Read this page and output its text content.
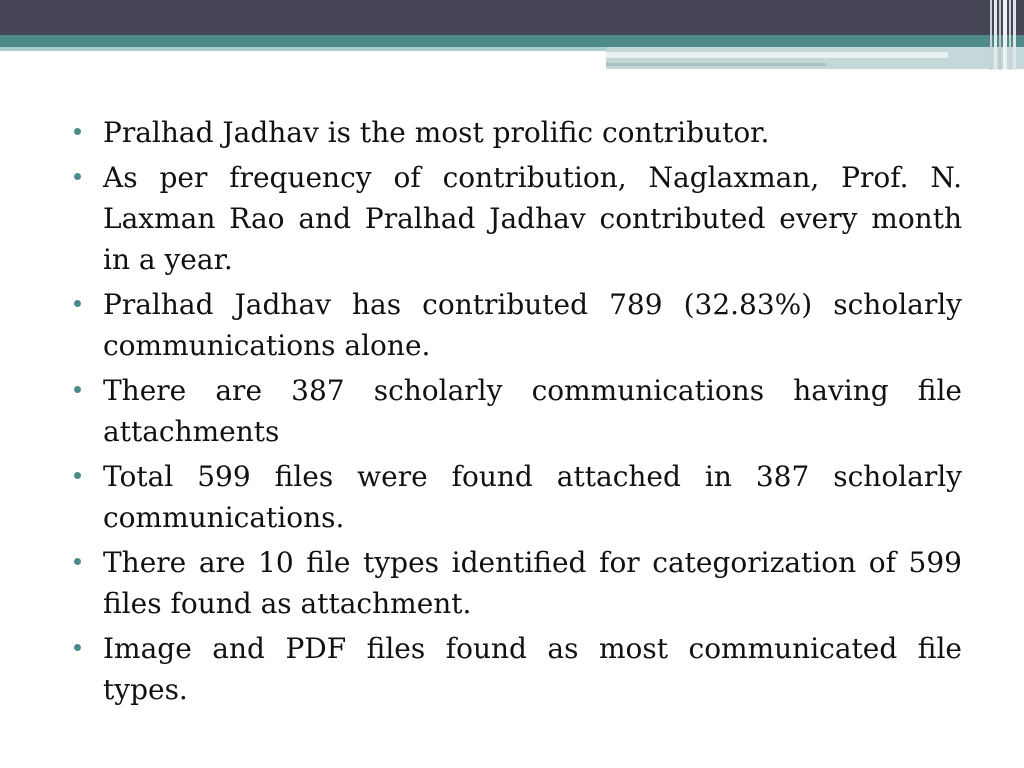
Pralhad Jadhav is the most prolific contributor.
As per frequency of contribution, Naglaxman, Prof. N. Laxman Rao and Pralhad Jadhav contributed every month in a year.
Pralhad Jadhav has contributed 789 (32.83%) scholarly communications alone.
There are 387 scholarly communications having file attachments
Total 599 files were found attached in 387 scholarly communications.
There are 10 file types identified for categorization of 599 files found as attachment.
Image and PDF files found as most communicated file types.
